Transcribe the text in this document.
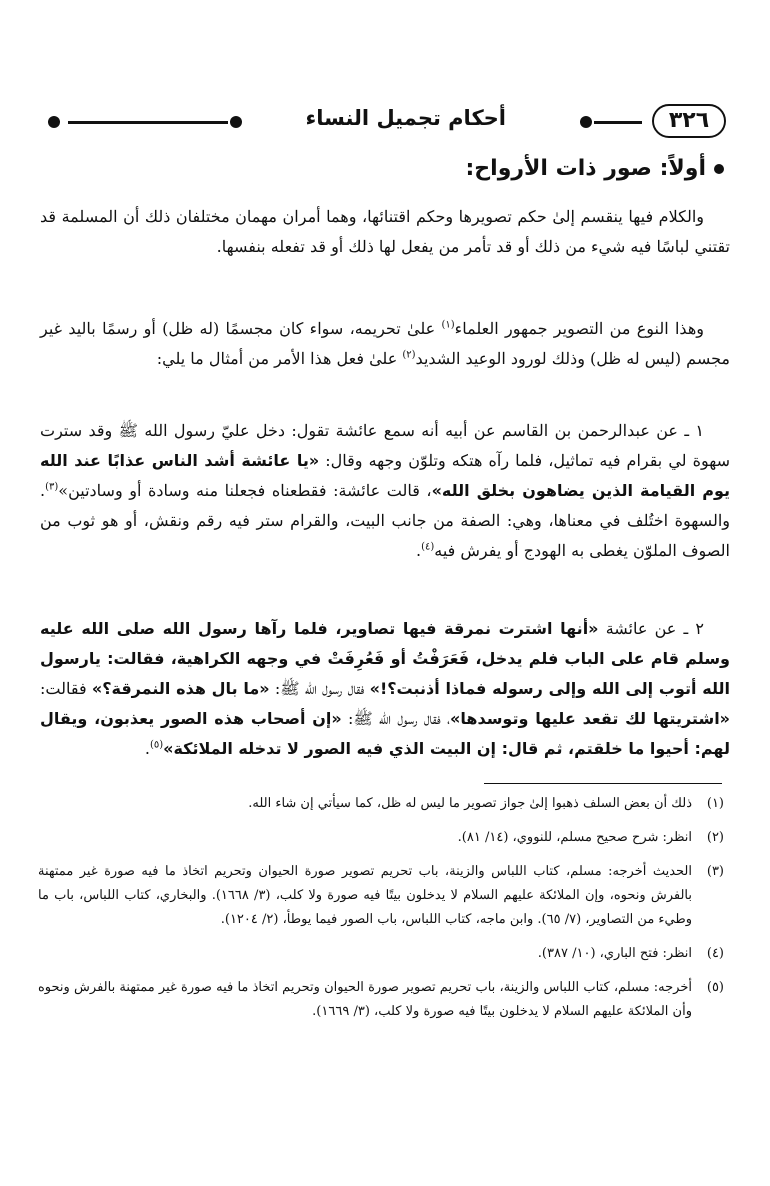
٣٢٦
أحكام تجميل النساء
أولاً: صور ذات الأرواح:

والكلام فيها ينقسم إلىٰ حكم تصويرها وحكم اقتنائها، وهما أمران مهمان مختلفان ذلك أن المسلمة قد تقتني لباسًا فيه شيء من ذلك أو قد تأمر من يفعل لها ذلك أو قد تفعله بنفسها.

وهذا النوع من التصوير جمهور العلماء$^{(١)}$ علىٰ تحريمه، سواء كان مجسمًا (له ظل) أو رسمًا باليد غير مجسم (ليس له ظل) وذلك لورود الوعيد الشديد$^{(٢)}$ علىٰ فعل هذا الأمر من أمثال ما يلي:

١ ـ عن عبدالرحمن بن القاسم عن أبيه أنه سمع عائشة تقول: دخل عليّ رسول الله ﷺ وقد سترت سهوة لي بقرام فيه تماثيل، فلما رآه هتكه وتلوّن وجهه وقال: «يا عائشة أشد الناس عذابًا عند الله يوم القيامة الذين يضاهون بخلق الله»، قالت عائشة: فقطعناه فجعلنا منه وسادة أو وسادتين»$^{(٣)}$. والسهوة اختُلف في معناها، وهي: الصفة من جانب البيت، والقرام ستر فيه رقم ونقش، أو هو ثوب من الصوف الملوّن يغطى به الهودج أو يفرش فيه$^{(٤)}$.

٢ ـ عن عائشة «أنها اشترت نمرقة فيها تصاوير، فلما رآها رسول الله صلى الله عليه وسلم قام على الباب فلم يدخل، فَعَرَفْتُ أو فَعُرِفَتْ في وجهه الكراهية، فقالت: يارسول الله أتوب إلى الله وإلى رسوله فماذا أذنبت؟!» فقال رسول الله ﷺ: «ما بال هذه النمرقة؟» فقالت: «اشتريتها لك تقعد عليها وتوسدها»، فقال رسول الله ﷺ: «إن أصحاب هذه الصور يعذبون، ويقال لهم: أحيوا ما خلقتم، ثم قال: إن البيت الذي فيه الصور لا تدخله الملائكة»$^{(٥)}$.

(١)
ذلك أن بعض السلف ذهبوا إلىٰ جواز تصوير ما ليس له ظل، كما سيأتي إن شاء الله.
(٢)
انظر: شرح صحيح مسلم، للنووي، (١٤/ ٨١).
(٣)
الحديث أخرجه: مسلم، كتاب اللباس والزينة، باب تحريم تصوير صورة الحيوان وتحريم اتخاذ ما فيه صورة غير ممتهنة بالفرش ونحوه، وإن الملائكة عليهم السلام لا يدخلون بيتًا فيه صورة ولا كلب، (٣/ ١٦٦٨). والبخاري، كتاب اللباس، باب ما وطيء من التصاوير، (٧/ ٦٥). وابن ماجه، كتاب اللباس، باب الصور فيما يوطأ، (٢/ ١٢٠٤).
(٤)
انظر: فتح الباري، (١٠/ ٣٨٧).
(٥)
أخرجه: مسلم، كتاب اللباس والزينة، باب تحريم تصوير صورة الحيوان وتحريم اتخاذ ما فيه صورة غير ممتهنة بالفرش ونحوه وأن الملائكة عليهم السلام لا يدخلون بيتًا فيه صورة ولا كلب، (٣/ ١٦٦٩).
